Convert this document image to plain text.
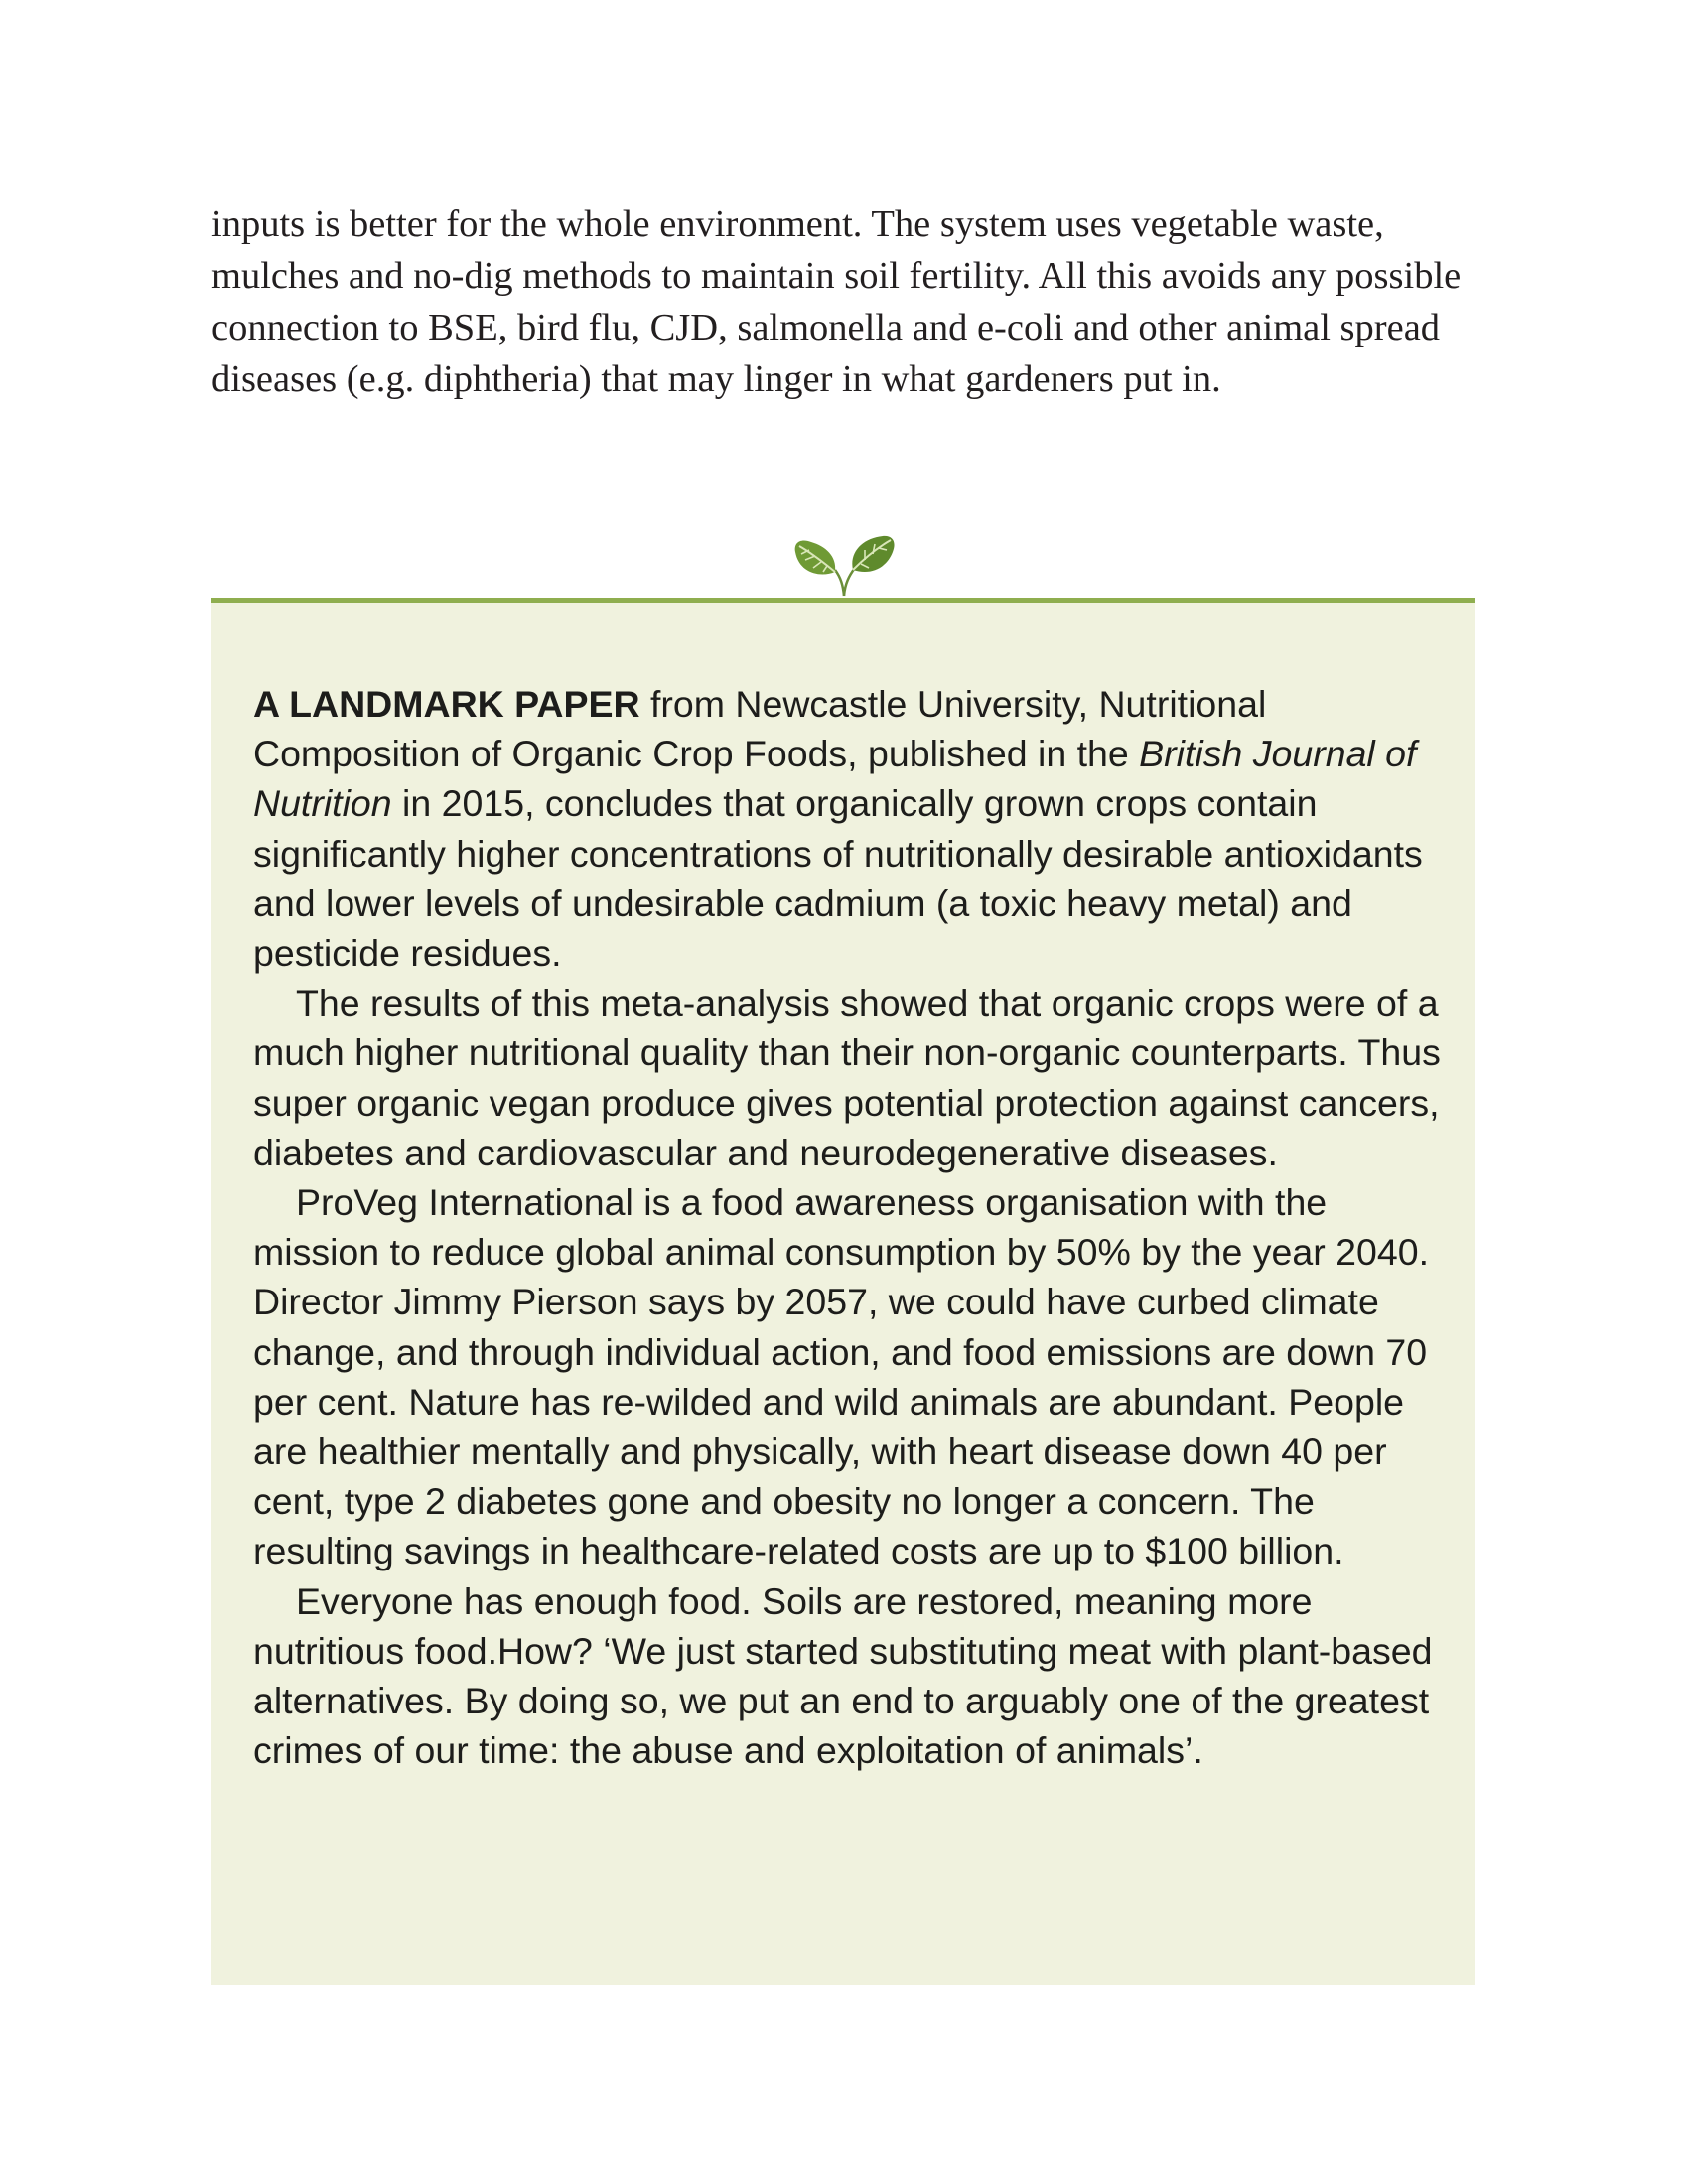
inputs is better for the whole environment. The system uses vegetable waste, mulches and no-dig methods to maintain soil fertility. All this avoids any possible connection to BSE, bird flu, CJD, salmonella and e-coli and other animal spread diseases (e.g. diphtheria) that may linger in what gardeners put in.

A LANDMARK PAPER from Newcastle University, Nutritional Composition of Organic Crop Foods, published in the British Journal of Nutrition in 2015, concludes that organically grown crops contain significantly higher concentrations of nutritionally desirable antioxidants and lower levels of undesirable cadmium (a toxic heavy metal) and pesticide residues.

The results of this meta-analysis showed that organic crops were of a much higher nutritional quality than their non-organic counterparts. Thus super organic vegan produce gives potential protection against cancers, diabetes and cardiovascular and neurodegenerative diseases.

ProVeg International is a food awareness organisation with the mission to reduce global animal consumption by 50% by the year 2040. Director Jimmy Pierson says by 2057, we could have curbed climate change, and through individual action, and food emissions are down 70 per cent. Nature has re-wilded and wild animals are abundant. People are healthier mentally and physically, with heart disease down 40 per cent, type 2 diabetes gone and obesity no longer a concern. The resulting savings in healthcare-related costs are up to $100 billion.

Everyone has enough food. Soils are restored, meaning more nutritious food.How? ‘We just started substituting meat with plant-based alternatives. By doing so, we put an end to arguably one of the greatest crimes of our time: the abuse and exploitation of animals’.
